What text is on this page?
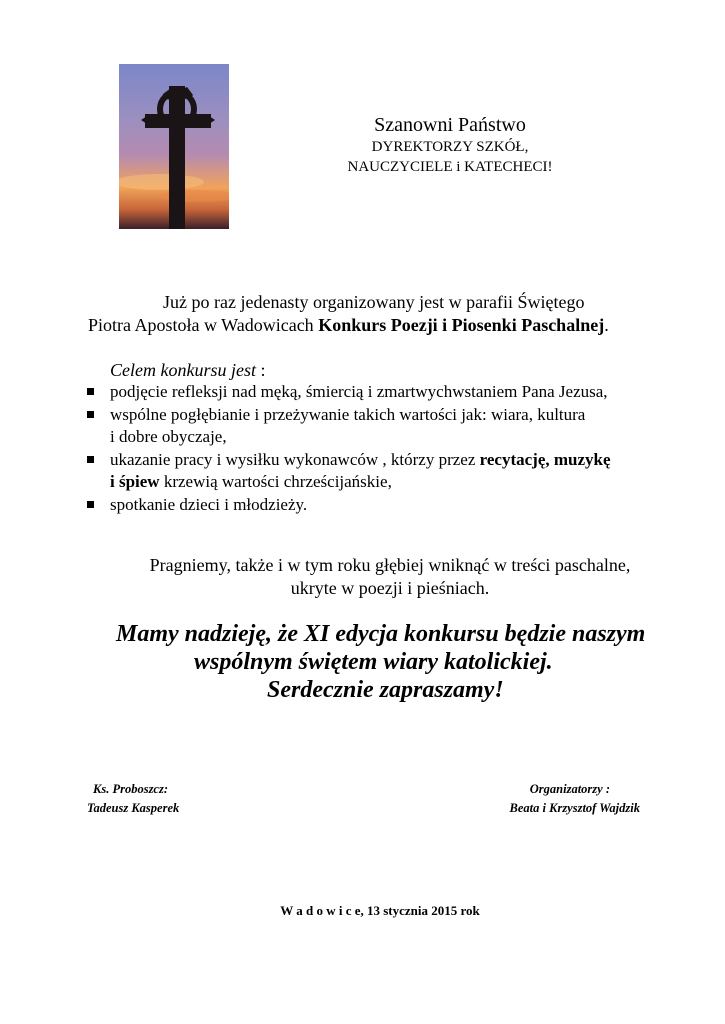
Szanowni Państwo
DYREKTORZY SZKÓŁ,
NAUCZYCIELE i KATECHECI!
Już po raz jedenasty organizowany jest w parafii Świętego
Piotra Apostoła w Wadowicach Konkurs Poezji i Piosenki Paschalnej.
Celem konkursu jest :
podjęcie refleksji nad męką, śmiercią i zmartwychwstaniem Pana Jezusa,
wspólne pogłębianie i przeżywanie takich wartości jak: wiara, kultura
i dobre obyczaje,
ukazanie pracy i wysiłku wykonawców , którzy przez recytację, muzykę
i śpiew krzewią wartości chrześcijańskie,
spotkanie dzieci i młodzieży.
Pragniemy, także i w tym roku głębiej wniknąć w treści paschalne,
ukryte w poezji i pieśniach.
Mamy nadzieję, że XI edycja konkursu będzie naszym
wspólnym świętem wiary katolickiej.
Serdecznie zapraszamy!
Ks. Proboszcz:
Tadeusz Kasperek
Organizatorzy :
Beata i Krzysztof Wajdzik
W a d o w i c e, 13 stycznia 2015 rok
